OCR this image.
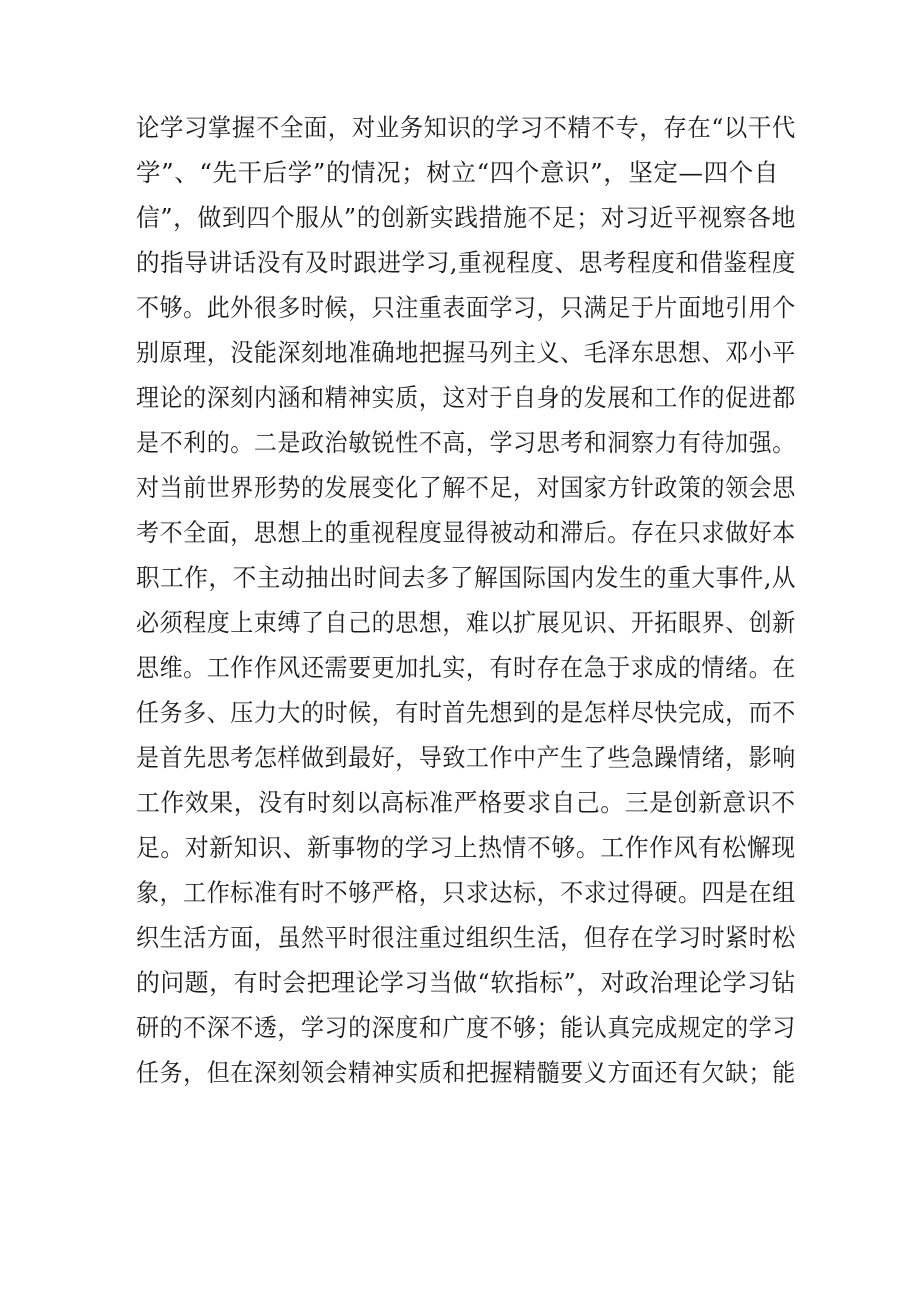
论学习掌握不全面，对业务知识的学习不精不专，存在“以干代
学”、“先干后学”的情况；树立“四个意识”，坚定—四个自
信”，做到四个服从”的创新实践措施不足；对习近平视察各地
的指导讲话没有及时跟进学习,重视程度、思考程度和借鉴程度
不够。此外很多时候，只注重表面学习，只满足于片面地引用个
别原理，没能深刻地准确地把握马列主义、毛泽东思想、邓小平
理论的深刻内涵和精神实质，这对于自身的发展和工作的促进都
是不利的。二是政治敏锐性不高，学习思考和洞察力有待加强。
对当前世界形势的发展变化了解不足，对国家方针政策的领会思
考不全面，思想上的重视程度显得被动和滞后。存在只求做好本
职工作，不主动抽出时间去多了解国际国内发生的重大事件,从
必须程度上束缚了自己的思想，难以扩展见识、开拓眼界、创新
思维。工作作风还需要更加扎实，有时存在急于求成的情绪。在
任务多、压力大的时候，有时首先想到的是怎样尽快完成，而不
是首先思考怎样做到最好，导致工作中产生了些急躁情绪，影响
工作效果，没有时刻以高标准严格要求自己。三是创新意识不
足。对新知识、新事物的学习上热情不够。工作作风有松懈现
象，工作标准有时不够严格，只求达标，不求过得硬。四是在组
织生活方面，虽然平时很注重过组织生活，但存在学习时紧时松
的问题，有时会把理论学习当做“软指标”，对政治理论学习钻
研的不深不透，学习的深度和广度不够；能认真完成规定的学习
任务，但在深刻领会精神实质和把握精髓要义方面还有欠缺；能
